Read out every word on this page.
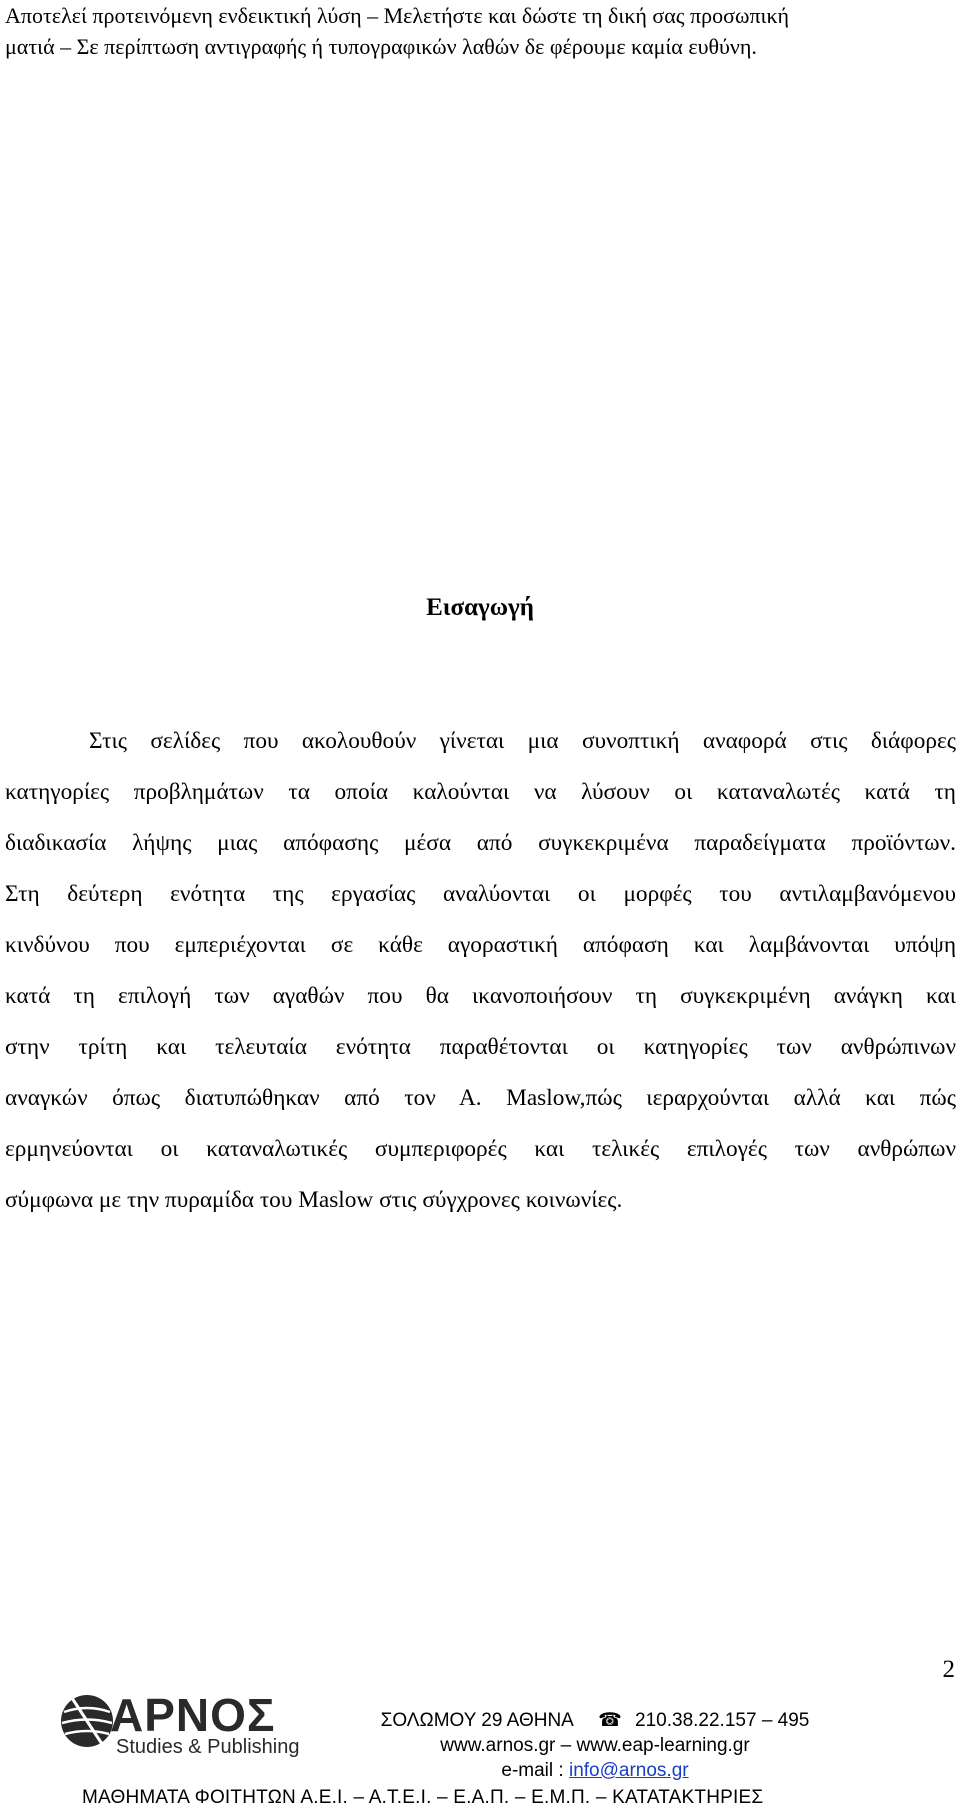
Αποτελεί προτεινόμενη ενδεικτική λύση – Μελετήστε και δώστε τη δική σας προσωπική
ματιά – Σε περίπτωση αντιγραφής ή τυπογραφικών λαθών δε φέρουμε καμία ευθύνη.
Εισαγωγή
Στις σελίδες που ακολουθούν γίνεται μια συνοπτική αναφορά στις διάφορες
κατηγορίες προβλημάτων τα οποία καλούνται να λύσουν οι καταναλωτές κατά τη
διαδικασία λήψης μιας απόφασης μέσα από συγκεκριμένα παραδείγματα προϊόντων.
Στη δεύτερη ενότητα της εργασίας αναλύονται οι μορφές του αντιλαμβανόμενου
κινδύνου που εμπεριέχονται σε κάθε αγοραστική απόφαση και λαμβάνονται υπόψη
κατά τη επιλογή των αγαθών που θα ικανοποιήσουν τη συγκεκριμένη ανάγκη και
στην τρίτη και τελευταία ενότητα παραθέτονται οι κατηγορίες των ανθρώπινων
αναγκών όπως διατυπώθηκαν από τον Α. Maslow,πώς ιεραρχούνται αλλά και πώς
ερμηνεύονται οι καταναλωτικές συμπεριφορές και τελικές επιλογές των ανθρώπων
σύμφωνα με την πυραμίδα του Maslow στις σύγχρονες κοινωνίες.
2
ΑΡΝΟΣ
Studies & Publishing
ΣΟΛΩΜΟΥ 29 ΑΘΗΝΑ ☎ 210.38.22.157 – 495
www.arnos.gr – www.eap-learning.gr
e-mail : info@arnos.gr
ΜΑΘΗΜΑΤΑ ΦΟΙΤΗΤΩΝ Α.Ε.Ι. – Α.Τ.Ε.Ι. – Ε.Α.Π. – Ε.Μ.Π. – ΚΑΤΑΤΑΚΤΗΡΙΕΣ
